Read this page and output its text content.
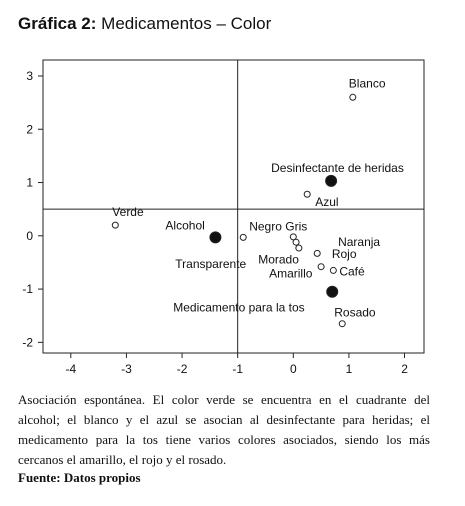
Gráfica 2: Medicamentos – Color
-4	-3	-2	-1	0	1	2
-2
-1
0
1
2
3
Desinfectante de heridas
Alcohol
Medicamento para la tos
Blanco
Azul
Verde
Negro Gris
Transparente
Naranja
Rojo
Morado
Amarillo Café
Rosado
Asociación espontánea. El color verde se encuentra en el cuadrante del alcohol; el blanco y el azul se asocian al desinfectante para heridas; el medicamento para la tos tiene varios colores asociados, siendo los más cercanos el amarillo, el rojo y el rosado.
Fuente: Datos propios
